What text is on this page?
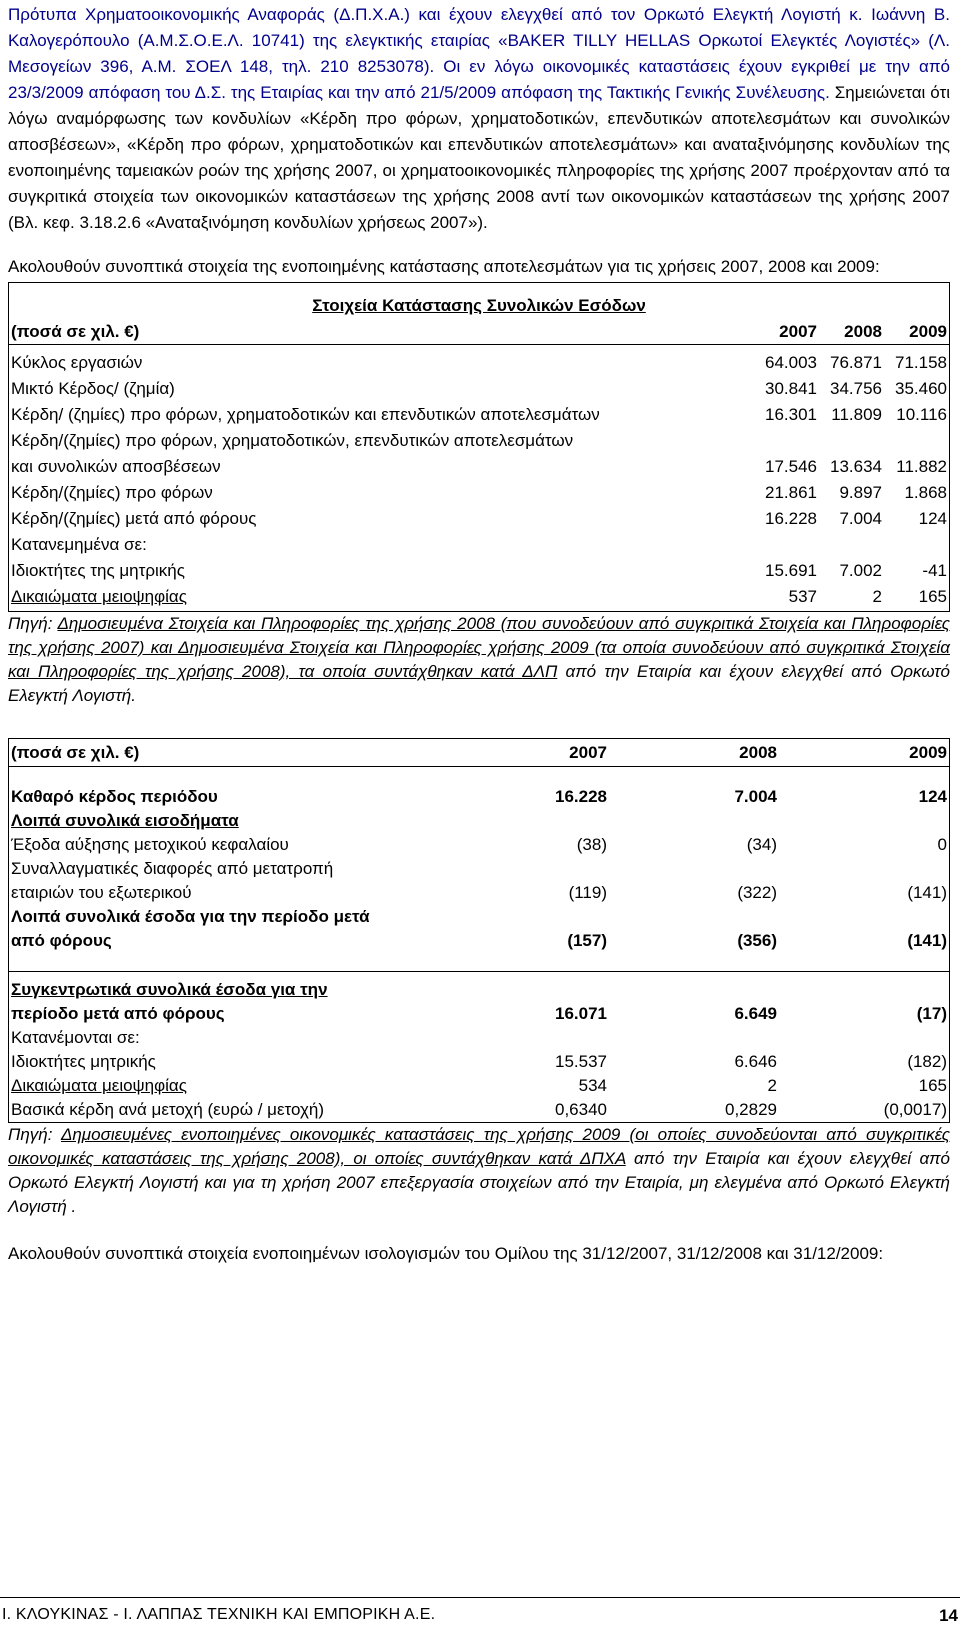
Πρότυπα Χρηματοοικονομικής Αναφοράς (Δ.Π.Χ.Α.) και έχουν ελεγχθεί από τον Ορκωτό Ελεγκτή Λογιστή κ. Ιωάννη Β. Καλογερόπουλο (Α.Μ.Σ.Ο.Ε.Λ. 10741) της ελεγκτικής εταιρίας «BAKER TILLY HELLAS Ορκωτοί Ελεγκτές Λογιστές» (Λ. Μεσογείων 396, Α.Μ. ΣΟΕΛ 148, τηλ. 210 8253078). Οι εν λόγω οικονομικές καταστάσεις έχουν εγκριθεί με την από 23/3/2009 απόφαση του Δ.Σ. της Εταιρίας και την από 21/5/2009 απόφαση της Τακτικής Γενικής Συνέλευσης. Σημειώνεται ότι λόγω αναμόρφωσης των κονδυλίων «Κέρδη προ φόρων, χρηματοδοτικών, επενδυτικών αποτελεσμάτων και συνολικών αποσβέσεων», «Κέρδη προ φόρων, χρηματοδοτικών και επενδυτικών αποτελεσμάτων» και αναταξινόμησης κονδυλίων της ενοποιημένης ταμειακών ροών της χρήσης 2007, οι χρηματοοικονομικές πληροφορίες της χρήσης 2007 προέρχονταν από τα συγκριτικά στοιχεία των οικονομικών καταστάσεων της χρήσης 2008 αντί των οικονομικών καταστάσεων της χρήσης 2007 (Βλ. κεφ. 3.18.2.6 «Αναταξινόμηση κονδυλίων χρήσεως 2007»).

Ακολουθούν συνοπτικά στοιχεία της ενοποιημένης κατάστασης αποτελεσμάτων για τις χρήσεις 2007, 2008 και 2009:

Στοιχεία Κατάστασης Συνολικών Εσόδων
(ποσά σε χιλ. €)	2007	2008	2009
Κύκλος εργασιών	64.003 76.871 71.158
Μικτό Κέρδος/ (ζημία)	30.841 34.756 35.460
Κέρδη/ (ζημίες) προ φόρων, χρηματοδοτικών και επενδυτικών αποτελεσμάτων	16.301 11.809 10.116
Κέρδη/(ζημίες) προ φόρων, χρηματοδοτικών, επενδυτικών αποτελεσμάτων
και συνολικών αποσβέσεων	17.546 13.634 11.882
Κέρδη/(ζημίες) προ φόρων	21.861	9.897	1.868
Κέρδη/(ζημίες) μετά από φόρους	16.228	7.004	124
Κατανεμημένα σε:
Ιδιοκτήτες της μητρικής	15.691	7.002	-41
Δικαιώματα μειοψηφίας	537	2	165

Πηγή: Δημοσιευμένα Στοιχεία και Πληροφορίες της χρήσης 2008 (που συνοδεύουν από συγκριτικά Στοιχεία και Πληροφορίες της χρήσης 2007) και Δημοσιευμένα Στοιχεία και Πληροφορίες χρήσης 2009 (τα οποία συνοδεύουν από συγκριτικά Στοιχεία και Πληροφορίες της χρήσης 2008), τα οποία συντάχθηκαν κατά ΔΛΠ από την Εταιρία και έχουν ελεγχθεί από Ορκωτό Ελεγκτή Λογιστή.

(ποσά σε χιλ. €)	2007	2008	2009
Καθαρό κέρδος περιόδου	16.228	7.004	124
Λοιπά συνολικά εισοδήματα
Έξοδα αύξησης μετοχικού κεφαλαίου	(38)	(34)	0
Συναλλαγματικές διαφορές από μετατροπή
εταιριών του εξωτερικού	(119)	(322)	(141)
Λοιπά συνολικά έσοδα για την περίοδο μετά
από φόρους	(157)	(356)	(141)
Συγκεντρωτικά συνολικά έσοδα για την
περίοδο μετά από φόρους	16.071	6.649	(17)
Κατανέμονται σε:
Ιδιοκτήτες μητρικής	15.537	6.646	(182)
Δικαιώματα μειοψηφίας	534	2	165
Βασικά κέρδη ανά μετοχή (ευρώ / μετοχή)	0,6340	0,2829	(0,0017)

Πηγή: Δημοσιευμένες ενοποιημένες οικονομικές καταστάσεις της χρήσης 2009 (οι οποίες συνοδεύονται από συγκριτικές οικονομικές καταστάσεις της χρήσης 2008), οι οποίες συντάχθηκαν κατά ΔΠΧΑ από την Εταιρία και έχουν ελεγχθεί από Ορκωτό Ελεγκτή Λογιστή και για τη χρήση 2007 επεξεργασία στοιχείων από την Εταιρία, μη ελεγμένα από Ορκωτό Ελεγκτή Λογιστή .

Ακολουθούν συνοπτικά στοιχεία ενοποιημένων ισολογισμών του Ομίλου της 31/12/2007, 31/12/2008 και 31/12/2009:

Ι. ΚΛΟΥΚΙΝΑΣ - Ι. ΛΑΠΠΑΣ ΤΕΧΝΙΚΗ ΚΑΙ ΕΜΠΟΡΙΚΗ Α.Ε.	14
